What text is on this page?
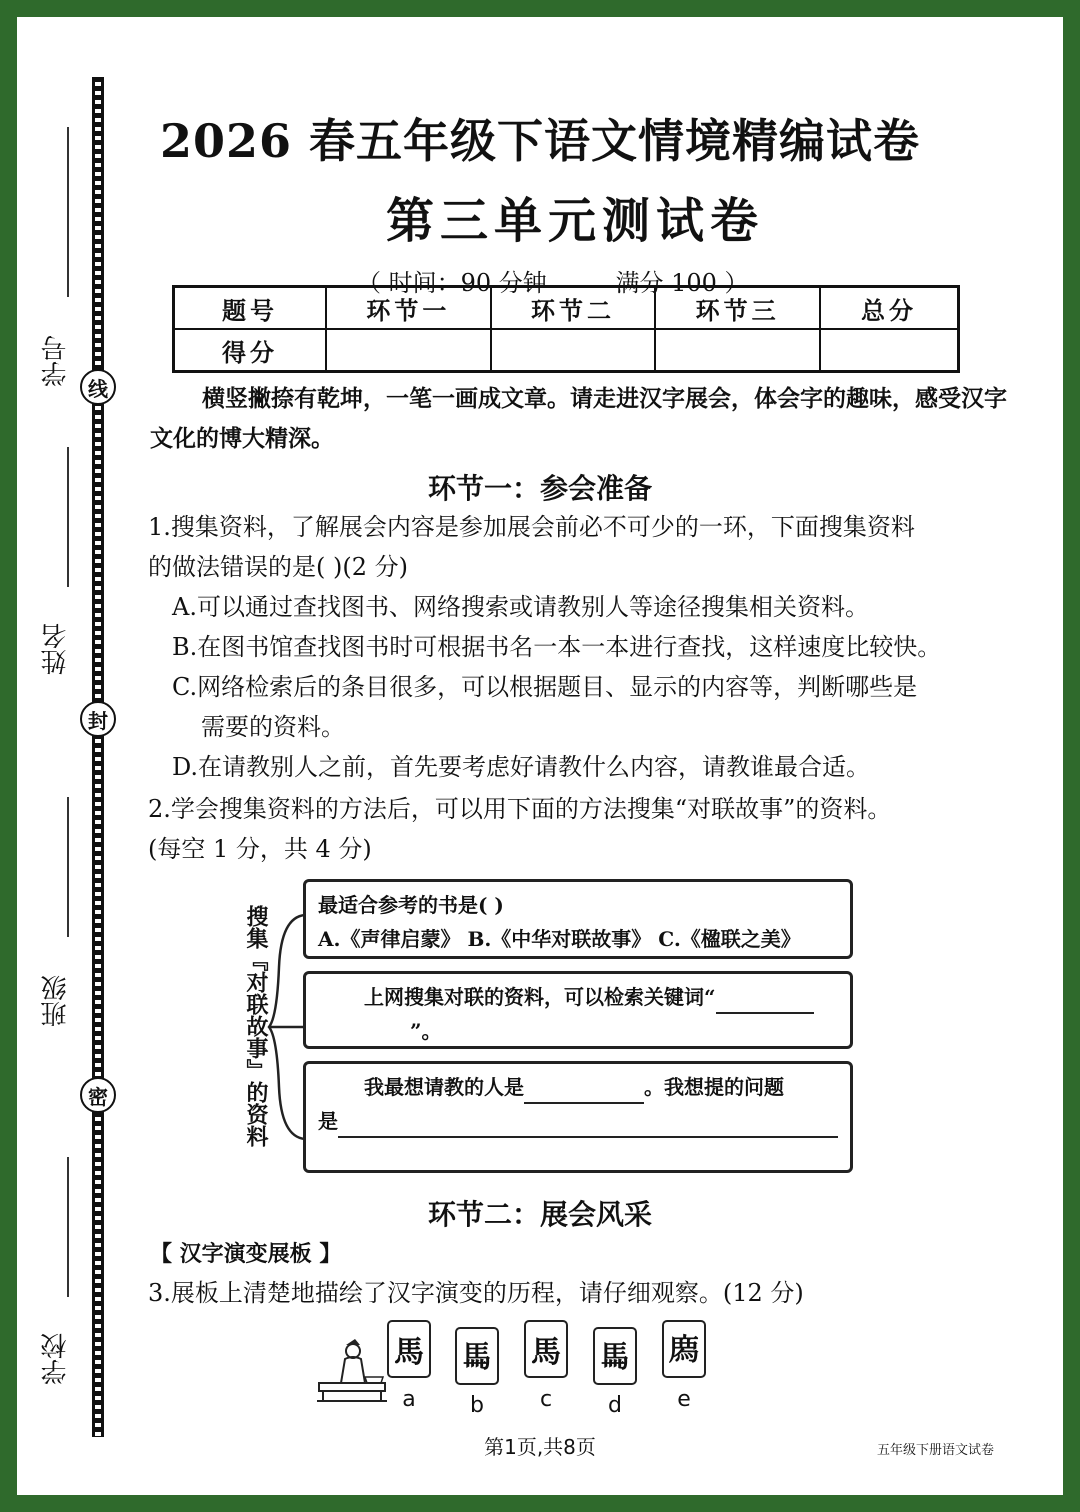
线
封
密
学号
姓名
班级
学校
2026 春五年级下语文情境精编试卷
第三单元测试卷
（ 时间：90 分钟         满分 100 ）
题号	环节一	环节二	环节三	总分
得分				
横竖撇捺有乾坤，一笔一画成文章。请走进汉字展会，体会字的趣味，感受汉字文化的博大精深。
环节一：参会准备
1.搜集资料，了解展会内容是参加展会前必不可少的一环，下面搜集资料
的做法错误的是( )(2 分)
A.可以通过查找图书、网络搜索或请教别人等途径搜集相关资料。
B.在图书馆查找图书时可根据书名一本一本进行查找，这样速度比较快。
C.网络检索后的条目很多，可以根据题目、显示的内容等，判断哪些是
需要的资料。
D.在请教别人之前，首先要考虑好请教什么内容，请教谁最合适。
2.学会搜集资料的方法后，可以用下面的方法搜集“对联故事”的资料。
(每空 1 分，共 4 分)
搜集『对联故事』的资料 最适合参考的书是( )
A.《声律启蒙》 B.《中华对联故事》 C.《楹联之美》
上网搜集对联的资料，可以检索关键词“
”。
我最想请教的人是	。我想提的问题
是
环节二：展会风采
【 汉字演变展板 】
3.展板上清楚地描绘了汉字演变的历程，请仔细观察。(12 分)
馬
a
𩡧
b
馬
c
𩡧
d
𢊁
e
第1页,共8页	五年级下册语文试卷
